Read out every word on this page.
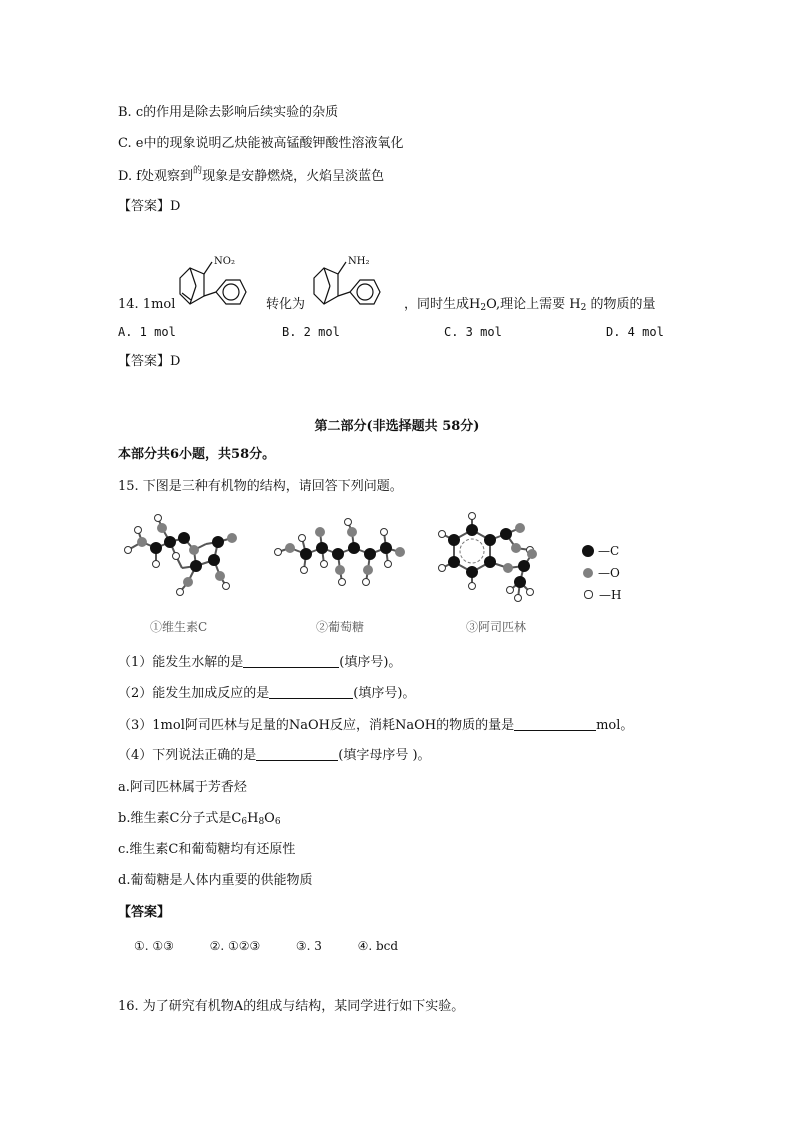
B. c的作用是除去影响后续实验的杂质
C. e中的现象说明乙炔能被高锰酸钾酸性溶液氧化
D. f处观察到$^的$现象是安静燃烧，火焰呈淡蓝色
【答案】D
14. 1mol
NO₂
转化为
NH₂
，同时生成$H_2O$,理论上需要 $H_2$ 的物质的量
A. 1 mol	B. 2 mol	C. 3 mol	D. 4 mol
【答案】D
第二部分(非选择题共 58分)
本部分共6小题，共58分。
15. 下图是三种有机物的结构，请回答下列问题。
—C
—O
—H
①维生素C	②葡萄糖	③阿司匹林
（1）能发生水解的是	(填序号)。
（2）能发生加成反应的是	(填序号)。
（3）1mol阿司匹林与足量的NaOH反应，消耗NaOH的物质的量是	mol。
（4）下列说法正确的是	(填字母序号 )。
a.阿司匹林属于芳香烃
b.维生素C分子式是$C_6H_8O_6$
c.维生素C和葡萄糖均有还原性
d.葡萄糖是人体内重要的供能物质
【答案】
①. ①③	②. ①②③	③. 3	④. bcd
16. 为了研究有机物A的组成与结构，某同学进行如下实验。
